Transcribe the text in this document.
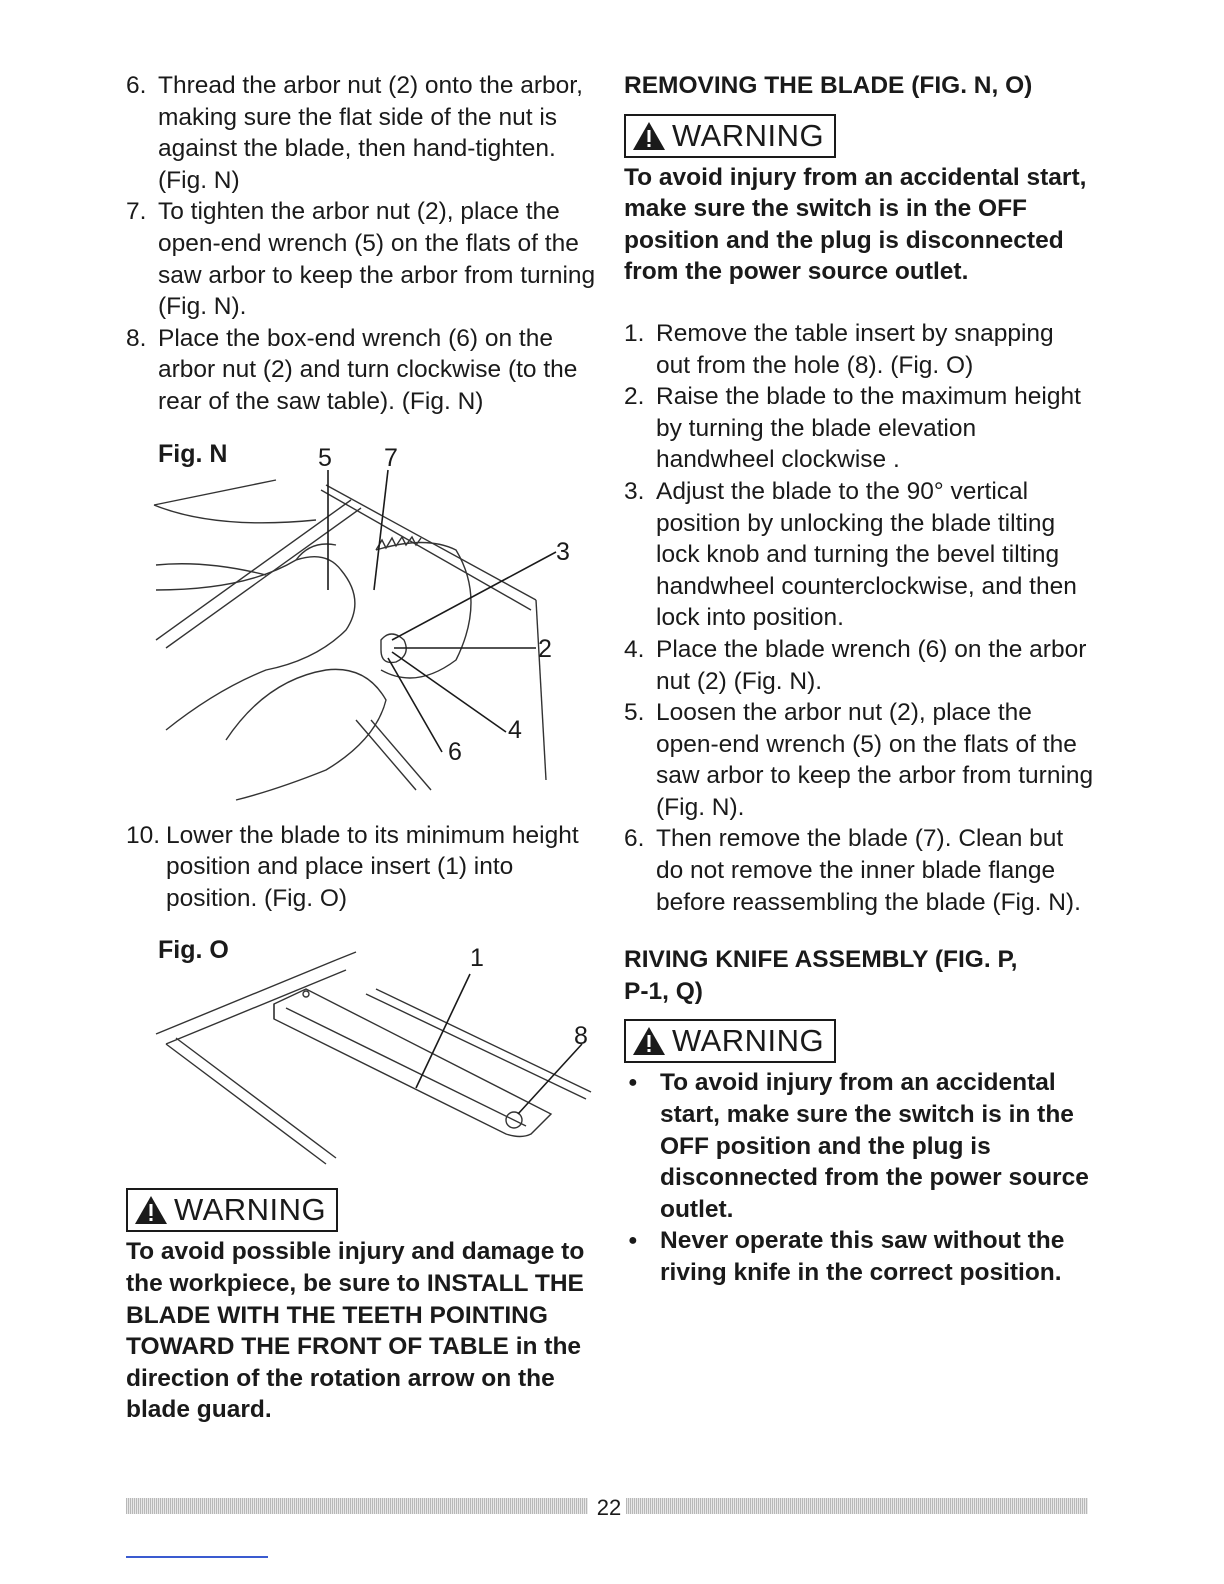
6. Thread the arbor nut (2) onto the arbor, making sure the flat side of the nut is against the blade, then hand-tighten. (Fig. N)
7. To tighten the arbor nut (2), place the open-end wrench (5) on the flats of the saw arbor to keep the arbor from turning (Fig. N).
8. Place the box-end wrench (6) on the arbor nut (2) and turn clockwise (to the rear of the saw table). (Fig. N)
Fig. N	5 7
3
2
4
6
10. Lower the blade to its minimum height position and place insert (1) into position. (Fig. O)
Fig. O	1
8
WARNING
To avoid possible injury and damage to the workpiece, be sure to INSTALL THE BLADE WITH THE TEETH POINTING TOWARD THE FRONT OF TABLE in the direction of the rotation arrow on the blade guard.
REMOVING THE BLADE (FIG. N, O)
WARNING
To avoid injury from an accidental start, make sure the switch is in the OFF position and the plug is disconnected from the power source outlet.
1. Remove the table insert by snapping out from the hole (8). (Fig. O)
2. Raise the blade to the maximum height by turning the blade elevation handwheel clockwise .
3. Adjust the blade to the 90° vertical position by unlocking the blade tilting lock knob and turning the bevel tilting handwheel counterclockwise, and then lock into position.
4. Place the blade wrench (6) on the arbor nut (2) (Fig. N).
5. Loosen the arbor nut (2), place the open-end wrench (5) on the flats of the saw arbor to keep the arbor from turning (Fig. N).
6. Then remove the blade (7). Clean but do not remove the inner blade flange before reassembling the blade (Fig. N).
RIVING KNIFE ASSEMBLY (FIG. P, P-1, Q)
WARNING
● To avoid injury from an accidental start, make sure the switch is in the OFF position and the plug is disconnected from the power source outlet.
● Never operate this saw without the riving knife in the correct position.
22
